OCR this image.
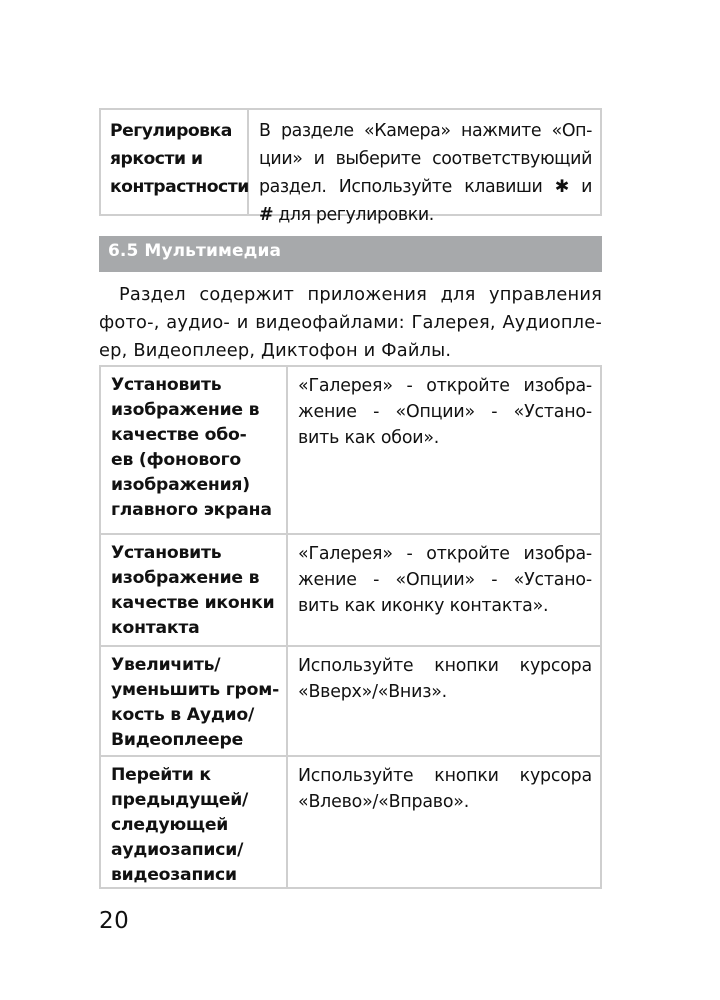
Регулировка
яркости и
контрастности
В разделе «Камера» нажмите «Оп-
ции» и выберите соответствующий
раздел. Используйте клавиши ✱ и
# для регулировки.
6.5 Мультимедиа
Раздел содержит приложения для управления
фото-, аудио- и видеофайлами: Галерея, Аудиопле-
ер, Видеоплеер, Диктофон и Файлы.
Установить
изображение в
качестве обо-
ев (фонового
изображения)
главного экрана
«Галерея» - откройте изобра-
жение - «Опции» - «Устано-
вить как обои».
Установить
изображение в
качестве иконки
контакта
«Галерея» - откройте изобра-
жение - «Опции» - «Устано-
вить как иконку контакта».
Увеличить/
уменьшить гром-
кость в Аудио/
Видеоплеере
Используйте кнопки курсора
«Вверх»/«Вниз».
Перейти к
предыдущей/
следующей
аудиозаписи/
видеозаписи
Используйте кнопки курсора
«Влево»/«Вправо».
20
